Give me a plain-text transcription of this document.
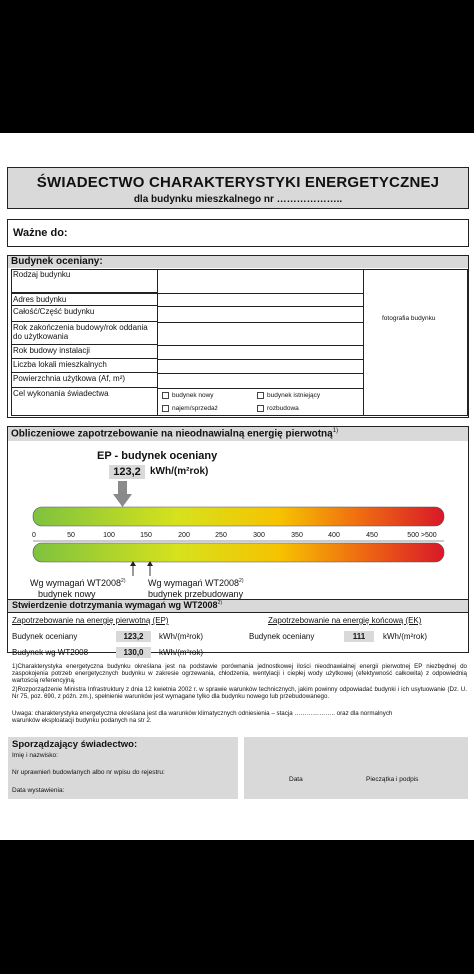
ŚWIADECTWO CHARAKTERYSTYKI ENERGETYCZNEJ
dla budynku mieszkalnego nr ………………..
Ważne do:
Budynek oceniany:
fotografia budynku
Rodzaj budynku
Adres budynku
Całość/Część budynku
Rok zakończenia budowy/rok oddania do użytkowania
Rok budowy instalacji
Liczba lokali mieszkalnych
Powierzchnia użytkowa (Af, m²)
Cel wykonania świadectwa	budynek nowy	budynek istniejący
najem/sprzedaż	rozbudowa
Obliczeniowe zapotrzebowanie na nieodnawialną energię pierwotną$^{1)}$
EP - budynek oceniany
123,2 kWh/(m²rok)
0	50	100	150	200	250	300	350	400	450	500 >500
Wg wymagań WT2008$^{2)}$
budynek nowy
Wg wymagań WT2008$^{2)}$
budynek przebudowany
Stwierdzenie dotrzymania wymagań wg WT2008$^{2)}$
Zapotrzebowanie na energię pierwotną (EP)	Zapotrzebowanie na energię końcową (EK)
Budynek oceniany	123,2	kWh/(m²rok)
Budynek wg WT2008	130,0	kWh/(m²rok)
Budynek oceniany	111	kWh/(m²rok)
1)Charakterystyka energetyczna budynku określana jest na podstawie porównania jednostkowej ilości nieodnawialnej energii pierwotnej EP niezbędnej do zaspokojenia potrzeb energetycznych budynku w zakresie ogrzewania, chłodzenia, wentylacji i ciepłej wody użytkowej (efektywność całkowita) z odpowiednią wartością referencyjną.
2)Rozporządzenie Ministra Infrastruktury z dnia 12 kwietnia 2002 r. w sprawie warunków technicznych, jakim powinny odpowiadać budynki i ich usytuowanie (Dz. U. Nr 75, poz. 690, z późn. zm.), spełnienie warunków jest wymagane tylko dla budynku nowego lub przebudowanego.
Uwaga: charakterystyka energetyczna określana jest dla warunków klimatycznych odniesienia – stacja ……………….. oraz dla normalnych warunków eksploatacji budynku podanych na str 2.
Sporządzający świadectwo:
Imię i nazwisko:
Nr uprawnień budowlanych albo nr wpisu do rejestru:
Data wystawienia:
Data	Pieczątka i podpis
